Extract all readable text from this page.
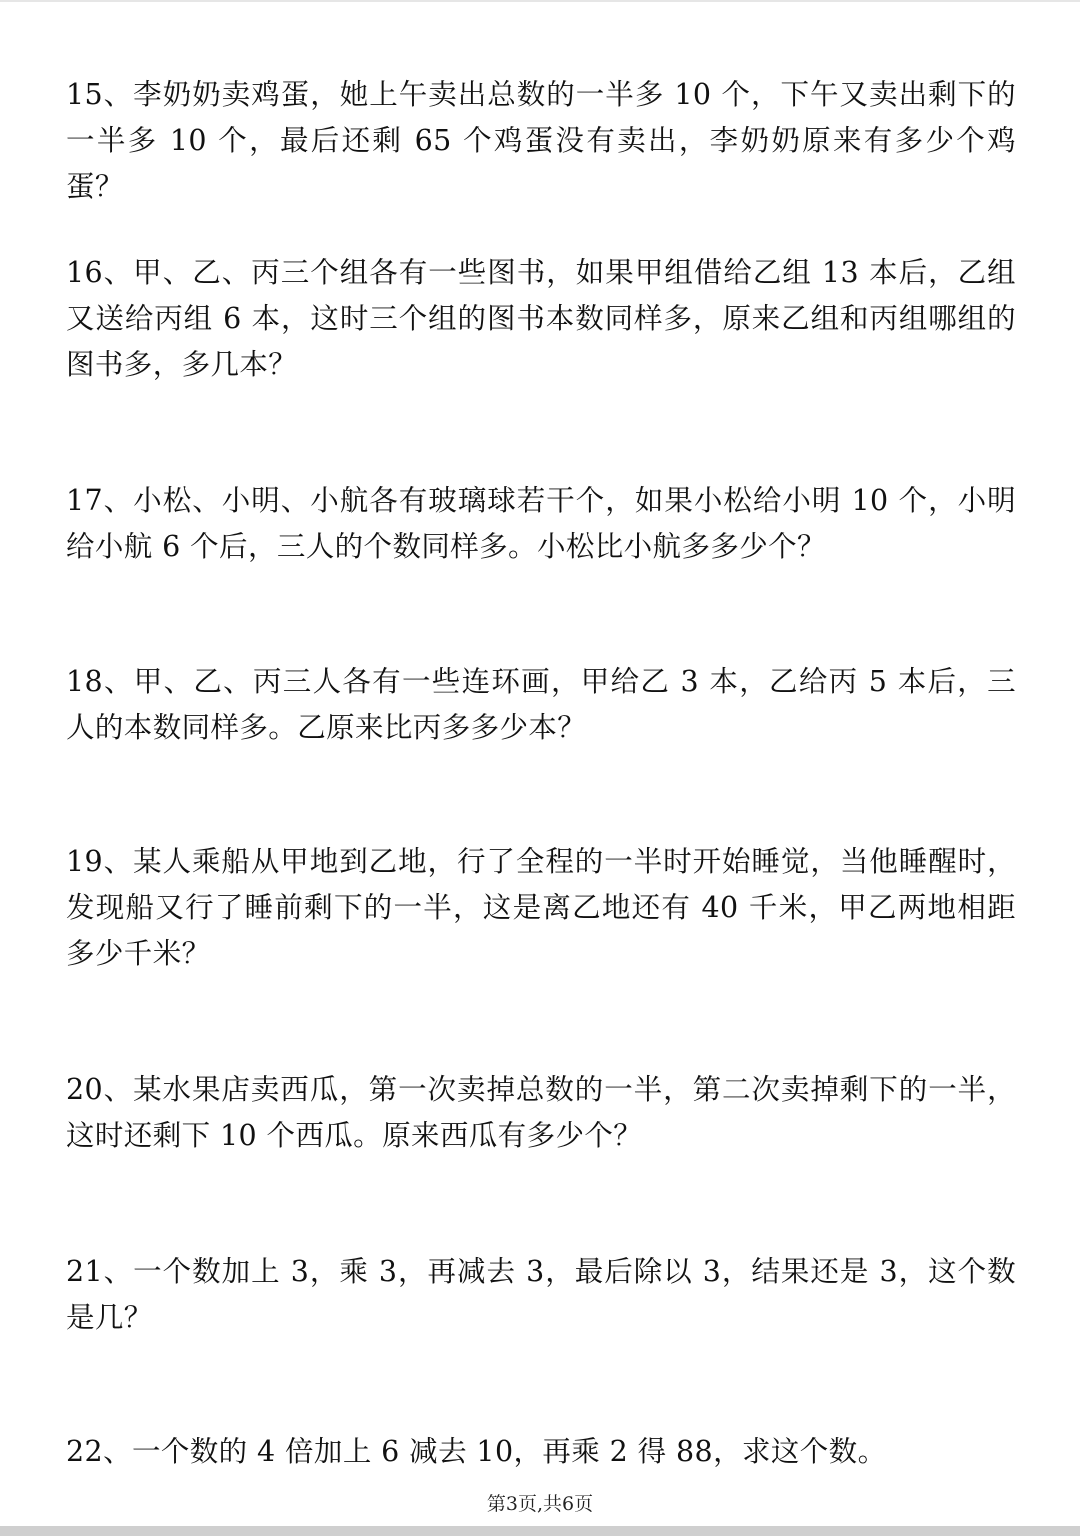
15、李奶奶卖鸡蛋，她上午卖出总数的一半多 10 个，下午又卖出剩下的一半多 10 个，最后还剩 65 个鸡蛋没有卖出，李奶奶原来有多少个鸡蛋？

16、甲、乙、丙三个组各有一些图书，如果甲组借给乙组 13 本后，乙组又送给丙组 6 本，这时三个组的图书本数同样多，原来乙组和丙组哪组的图书多，多几本？

17、小松、小明、小航各有玻璃球若干个，如果小松给小明 10 个，小明给小航 6 个后，三人的个数同样多。小松比小航多多少个？

18、甲、乙、丙三人各有一些连环画，甲给乙 3 本，乙给丙 5 本后，三人的本数同样多。乙原来比丙多多少本？

19、某人乘船从甲地到乙地，行了全程的一半时开始睡觉，当他睡醒时，发现船又行了睡前剩下的一半，这是离乙地还有 40 千米，甲乙两地相距多少千米？

20、某水果店卖西瓜，第一次卖掉总数的一半，第二次卖掉剩下的一半，这时还剩下 10 个西瓜。原来西瓜有多少个？

21、一个数加上 3，乘 3，再减去 3，最后除以 3，结果还是 3，这个数是几？

22、一个数的 4 倍加上 6 减去 10，再乘 2 得 88，求这个数。

第3页,共6页
